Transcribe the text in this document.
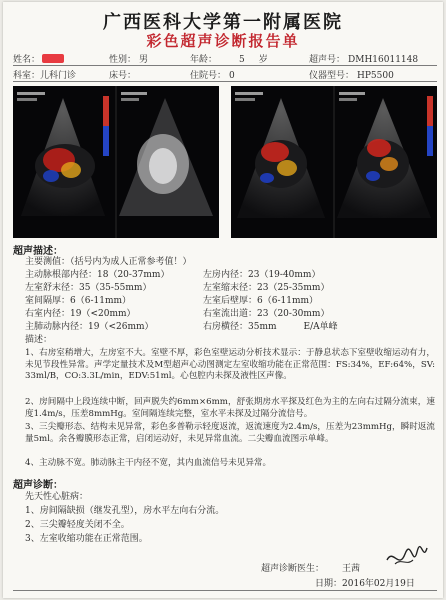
广西医科大学第一附属医院
彩色超声诊断报告单
姓名：	性别： 男	年龄： 5 岁	超声号： DMH16011148
科室：儿科门诊	床号：	住院号： 0	仪器型号： HP5500
超声描述：
主要测值：（括号内为成人正常参考值！）
主动脉根部内径：18（20-37mm）	左房内径：23（19-40mm）
左室舒末径：35（35-55mm）	左室缩末径：23（25-35mm）
室间隔厚：6（6-11mm）	左室后壁厚：6（6-11mm）
右室内径：19（<20mm）	右室流出道：23（20-30mm）
主肺动脉内径：19（<26mm）	右房横径：35mm　　　E/A单峰
描述：
1、右房室稍增大，左房室不大。室壁不厚，彩色室壁运动分析技术显示：于静息状态下室壁收缩运动有力，未见节段性异常。声学定量技术及M型超声心动图测定左室收缩功能在正常范围：FS:34%，EF:64%，SV:33ml/B，CO:3.3L/min，EDV:51ml。心包腔内未探及液性区声像。
2、房间隔中上段连续中断，回声脱失约6mm×6mm，舒张期房水平探及红色为主的左向右过隔分流束，速度1.4m/s，压差8mmHg。室间隔连续完整，室水平未探及过隔分流信号。
3、三尖瓣形态、结构未见异常，彩色多普勒示轻度返流，返流速度为2.4m/s，压差为23mmHg，瞬时返流量5ml。余各瓣膜形态正常，启闭运动好，未见异常血流。二尖瓣血流图示单峰。
4、主动脉不宽。肺动脉主干内径不宽，其内血流信号未见异常。
超声诊断：
先天性心脏病：
1、房间隔缺损（继发孔型），房水平左向右分流。
2、三尖瓣轻度关闭不全。
3、左室收缩功能在正常范围。
超声诊断医生： 王茜
日期：2016年02月19日
